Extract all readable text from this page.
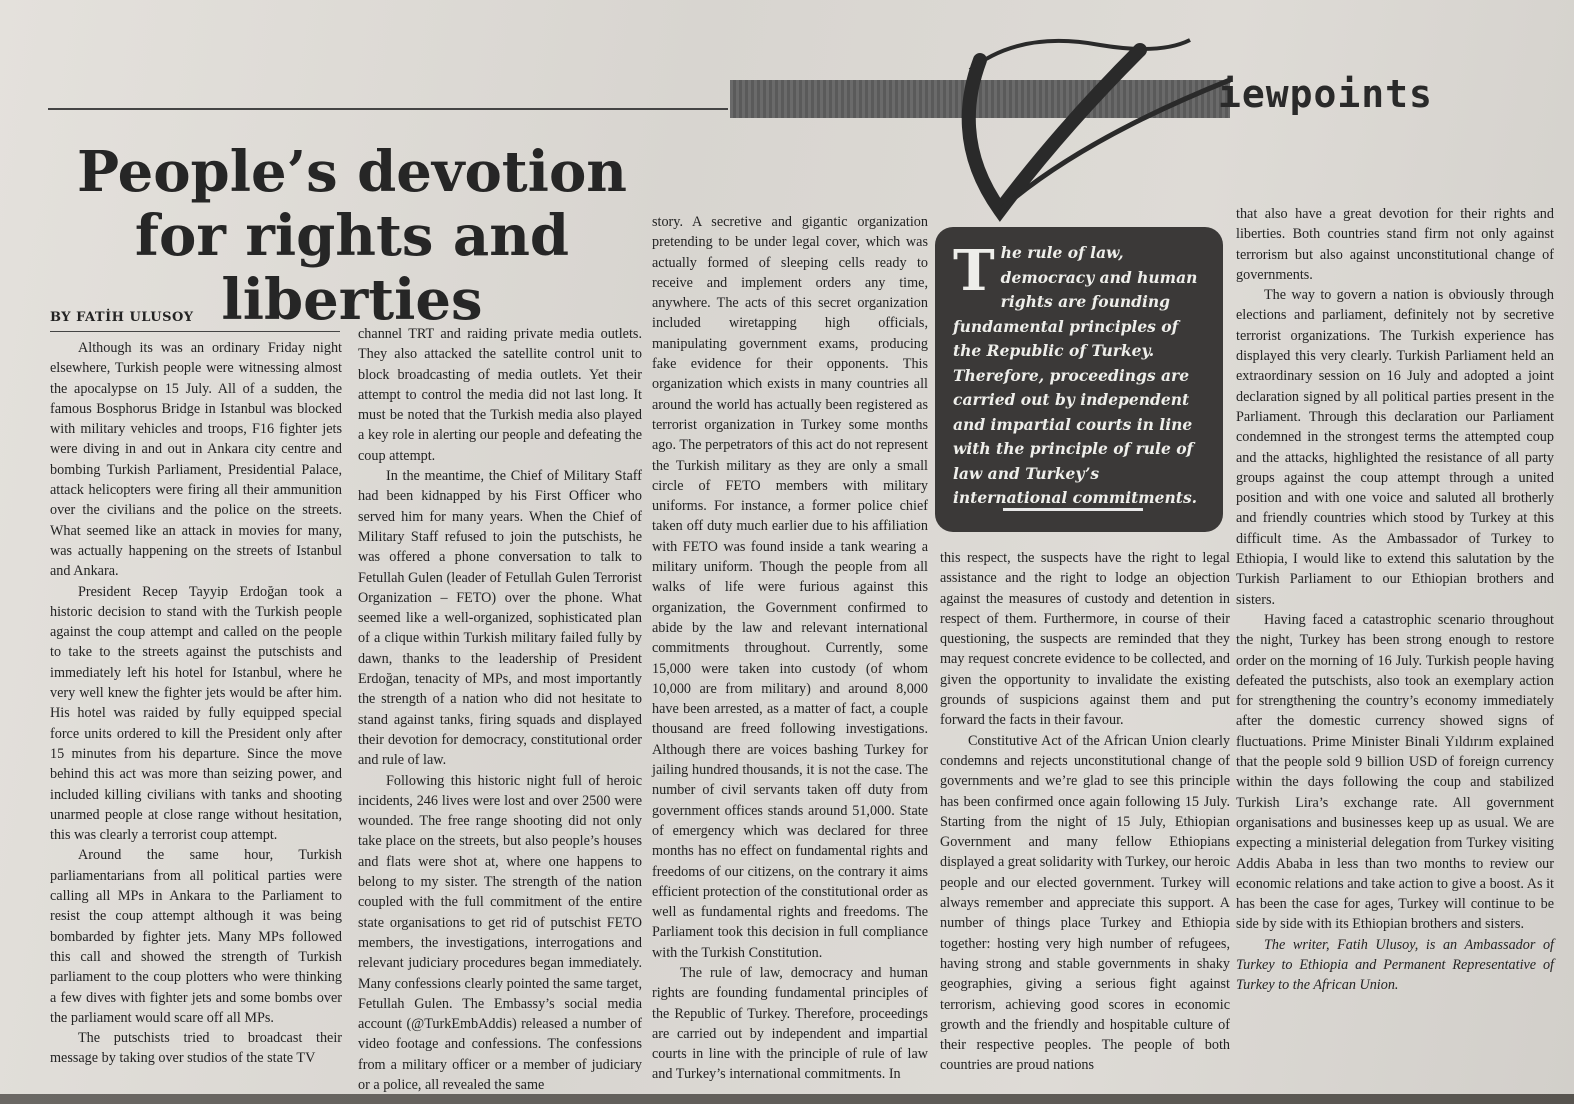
iewpoints
People’s devotion for rights and liberties
BY FATİH ULUSOY

Although its was an ordinary Friday night elsewhere, Turkish people were witnessing almost the apocalypse on 15 July. All of a sudden, the famous Bosphorus Bridge in Istanbul was blocked with military vehicles and troops, F16 fighter jets were diving in and out in Ankara city centre and bombing Turkish Parliament, Presidential Palace, attack helicopters were firing all their ammunition over the civilians and the police on the streets. What seemed like an attack in movies for many, was actually happening on the streets of Istanbul and Ankara.

President Recep Tayyip Erdoğan took a historic decision to stand with the Turkish people against the coup attempt and called on the people to take to the streets against the putschists and immediately left his hotel for Istanbul, where he very well knew the fighter jets would be after him. His hotel was raided by fully equipped special force units ordered to kill the President only after 15 minutes from his departure. Since the move behind this act was more than seizing power, and included killing civilians with tanks and shooting unarmed people at close range without hesitation, this was clearly a terrorist coup attempt.

Around the same hour, Turkish parliamentarians from all political parties were calling all MPs in Ankara to the Parliament to resist the coup attempt although it was being bombarded by fighter jets. Many MPs followed this call and showed the strength of Turkish parliament to the coup plotters who were thinking a few dives with fighter jets and some bombs over the parliament would scare off all MPs.

The putschists tried to broadcast their message by taking over studios of the state TV

channel TRT and raiding private media outlets. They also attacked the satellite control unit to block broadcasting of media outlets. Yet their attempt to control the media did not last long. It must be noted that the Turkish media also played a key role in alerting our people and defeating the coup attempt.

In the meantime, the Chief of Military Staff had been kidnapped by his First Officer who served him for many years. When the Chief of Military Staff refused to join the putschists, he was offered a phone conversation to talk to Fetullah Gulen (leader of Fetullah Gulen Terrorist Organization – FETO) over the phone. What seemed like a well-organized, sophisticated plan of a clique within Turkish military failed fully by dawn, thanks to the leadership of President Erdoğan, tenacity of MPs, and most importantly the strength of a nation who did not hesitate to stand against tanks, firing squads and displayed their devotion for democracy, constitutional order and rule of law.

Following this historic night full of heroic incidents, 246 lives were lost and over 2500 were wounded. The free range shooting did not only take place on the streets, but also people’s houses and flats were shot at, where one happens to belong to my sister. The strength of the nation coupled with the full commitment of the entire state organisations to get rid of putschist FETO members, the investigations, interrogations and relevant judiciary procedures began immediately. Many confessions clearly pointed the same target, Fetullah Gulen. The Embassy’s social media account (@TurkEmbAddis) released a number of video footage and confessions. The confessions from a military officer or a member of judiciary or a police, all revealed the same

story. A secretive and gigantic organization pretending to be under legal cover, which was actually formed of sleeping cells ready to receive and implement orders any time, anywhere. The acts of this secret organization included wiretapping high officials, manipulating government exams, producing fake evidence for their opponents. This organization which exists in many countries all around the world has actually been registered as terrorist organization in Turkey some months ago. The perpetrators of this act do not represent the Turkish military as they are only a small circle of FETO members with military uniforms. For instance, a former police chief taken off duty much earlier due to his affiliation with FETO was found inside a tank wearing a military uniform. Though the people from all walks of life were furious against this organization, the Government confirmed to abide by the law and relevant international commitments throughout. Currently, some 15,000 were taken into custody (of whom 10,000 are from military) and around 8,000 have been arrested, as a matter of fact, a couple thousand are freed following investigations. Although there are voices bashing Turkey for jailing hundred thousands, it is not the case. The number of civil servants taken off duty from government offices stands around 51,000. State of emergency which was declared for three months has no effect on fundamental rights and freedoms of our citizens, on the contrary it aims efficient protection of the constitutional order as well as fundamental rights and freedoms. The Parliament took this decision in full compliance with the Turkish Constitution.

The rule of law, democracy and human rights are founding fundamental principles of the Republic of Turkey. Therefore, proceedings are carried out by independent and impartial courts in line with the principle of rule of law and Turkey’s international commitments. In

T he rule of law, democracy and human rights are founding fundamental principles of the Republic of Turkey. Therefore, proceedings are carried out by independent and impartial courts in line with the principle of rule of law and Turkey’s international commitments.

this respect, the suspects have the right to legal assistance and the right to lodge an objection against the measures of custody and detention in respect of them. Furthermore, in course of their questioning, the suspects are reminded that they may request concrete evidence to be collected, and given the opportunity to invalidate the existing grounds of suspicions against them and put forward the facts in their favour.

Constitutive Act of the African Union clearly condemns and rejects unconstitutional change of governments and we’re glad to see this principle has been confirmed once again following 15 July. Starting from the night of 15 July, Ethiopian Government and many fellow Ethiopians displayed a great solidarity with Turkey, our heroic people and our elected government. Turkey will always remember and appreciate this support. A number of things place Turkey and Ethiopia together: hosting very high number of refugees, having strong and stable governments in shaky geographies, giving a serious fight against terrorism, achieving good scores in economic growth and the friendly and hospitable culture of their respective peoples. The people of both countries are proud nations

that also have a great devotion for their rights and liberties. Both countries stand firm not only against terrorism but also against unconstitutional change of governments.

The way to govern a nation is obviously through elections and parliament, definitely not by secretive terrorist organizations. The Turkish experience has displayed this very clearly. Turkish Parliament held an extraordinary session on 16 July and adopted a joint declaration signed by all political parties present in the Parliament. Through this declaration our Parliament condemned in the strongest terms the attempted coup and the attacks, highlighted the resistance of all party groups against the coup attempt through a united position and with one voice and saluted all brotherly and friendly countries which stood by Turkey at this difficult time. As the Ambassador of Turkey to Ethiopia, I would like to extend this salutation by the Turkish Parliament to our Ethiopian brothers and sisters.

Having faced a catastrophic scenario throughout the night, Turkey has been strong enough to restore order on the morning of 16 July. Turkish people having defeated the putschists, also took an exemplary action for strengthening the country’s economy immediately after the domestic currency showed signs of fluctuations. Prime Minister Binali Yıldırım explained that the people sold 9 billion USD of foreign currency within the days following the coup and stabilized Turkish Lira’s exchange rate. All government organisations and businesses keep up as usual. We are expecting a ministerial delegation from Turkey visiting Addis Ababa in less than two months to review our economic relations and take action to give a boost. As it has been the case for ages, Turkey will continue to be side by side with its Ethiopian brothers and sisters.

The writer, Fatih Ulusoy, is an Ambassador of Turkey to Ethiopia and Permanent Representative of Turkey to the African Union.
